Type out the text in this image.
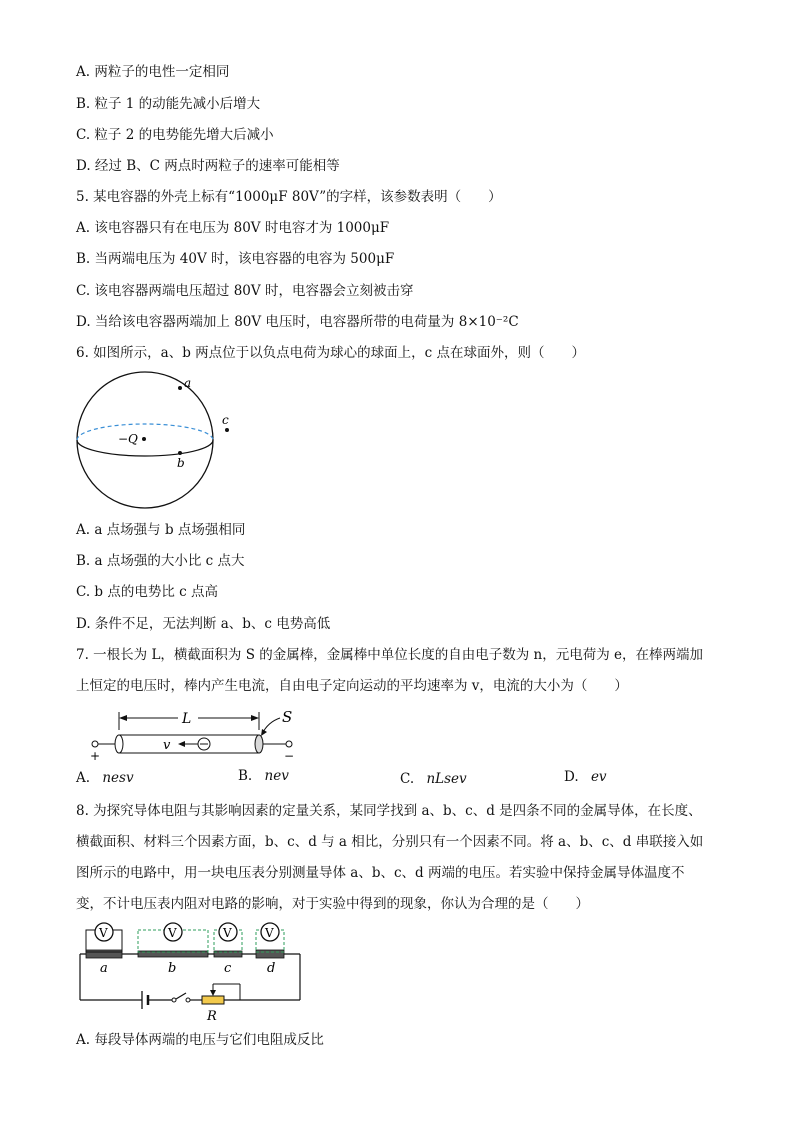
A. 两粒子的电性一定相同
B. 粒子 1 的动能先减小后增大
C. 粒子 2 的电势能先增大后减小
D. 经过 B、C 两点时两粒子的速率可能相等
5. 某电容器的外壳上标有“1000μF 80V”的字样，该参数表明（　　）
A. 该电容器只有在电压为 80V 时电容才为 1000μF
B. 当两端电压为 40V 时，该电容器的电容为 500μF
C. 该电容器两端电压超过 80V 时，电容器会立刻被击穿
D. 当给该电容器两端加上 80V 电压时，电容器所带的电荷量为 8×10⁻²C
6. 如图所示，a、b 两点位于以负点电荷为球心的球面上，c 点在球面外，则（　　）
a
−Q
b
c
A. a 点场强与 b 点场强相同
B. a 点场强的大小比 c 点大
C. b 点的电势比 c 点高
D. 条件不足，无法判断 a、b、c 电势高低
7. 一根长为 L，横截面积为 S 的金属棒，金属棒中单位长度的自由电子数为 n，元电荷为 e，在棒两端加
上恒定的电压时，棒内产生电流，自由电子定向运动的平均速率为 v，电流的大小为（　　）
L	S
v
+	−
A. nesv	B. nev	C. nLsev	D. ev
8. 为探究导体电阻与其影响因素的定量关系，某同学找到 a、b、c、d 是四条不同的金属导体，在长度、
横截面积、材料三个因素方面，b、c、d 与 a 相比，分别只有一个因素不同。将 a、b、c、d 串联接入如
图所示的电路中，用一块电压表分别测量导体 a、b、c、d 两端的电压。若实验中保持金属导体温度不
变，不计电压表内阻对电路的影响，对于实验中得到的现象，你认为合理的是（　　）
R
V	V	V	V
a	b	c	d
A. 每段导体两端的电压与它们电阻成反比
